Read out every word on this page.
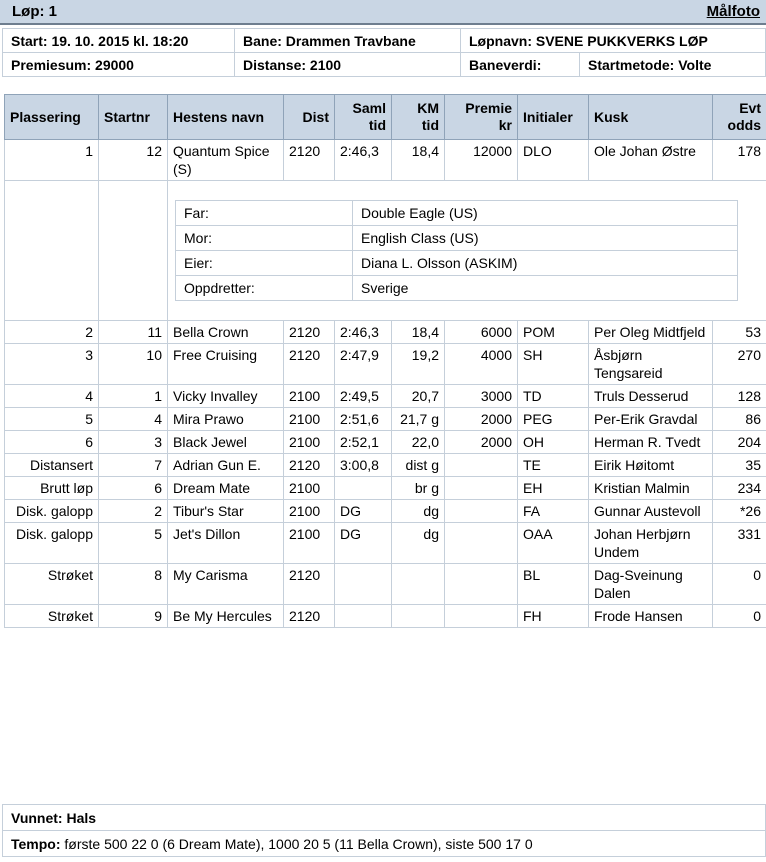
Løp: 1	Målfoto
Start: 19. 10. 2015 kl. 18:20	Bane: Drammen Travbane	Løpnavn: SVENE PUKKVERKS LØP	
Premiesum: 29000	Distanse: 2100	Baneverdi:	Startmetode: Volte
Plassering	Startnr	Hestens navn	Dist	Saml tid	KM tid	Premie kr	Initialer	Kusk	Evt odds
1	12	Quantum Spice (S)	2120	2:46,3	18,4	12000	DLO	Ole Johan Østre	178

Far:	Double Eagle (US)
Mor:	English Class (US)
Eier:	Diana L. Olsson (ASKIM)
Oppdretter:	Sverige

2	11	Bella Crown	2120	2:46,3	18,4	6000	POM	Per Oleg Midtfjeld	53
3	10	Free Cruising	2120	2:47,9	19,2	4000	SH	Åsbjørn Tengsareid	270
4	1	Vicky Invalley	2100	2:49,5	20,7	3000	TD	Truls Desserud	128
5	4	Mira Prawo	2100	2:51,6	21,7 g	2000	PEG	Per-Erik Gravdal	86
6	3	Black Jewel	2100	2:52,1	22,0	2000	OH	Herman R. Tvedt	204
Distansert	7	Adrian Gun E.	2120	3:00,8	dist g		TE	Eirik Høitomt	35
Brutt løp	6	Dream Mate	2100		br g		EH	Kristian Malmin	234
Disk. galopp	2	Tibur's Star	2100	DG	dg		FA	Gunnar Austevoll	*26
Disk. galopp	5	Jet's Dillon	2100	DG	dg		OAA	Johan Herbjørn Undem	331
Strøket	8	My Carisma	2120				BL	Dag-Sveinung Dalen	0
Strøket	9	Be My Hercules	2120				FH	Frode Hansen	0
Vunnet: Hals
Tempo: første 500 22 0 (6 Dream Mate), 1000 20 5 (11 Bella Crown), siste 500 17 0
